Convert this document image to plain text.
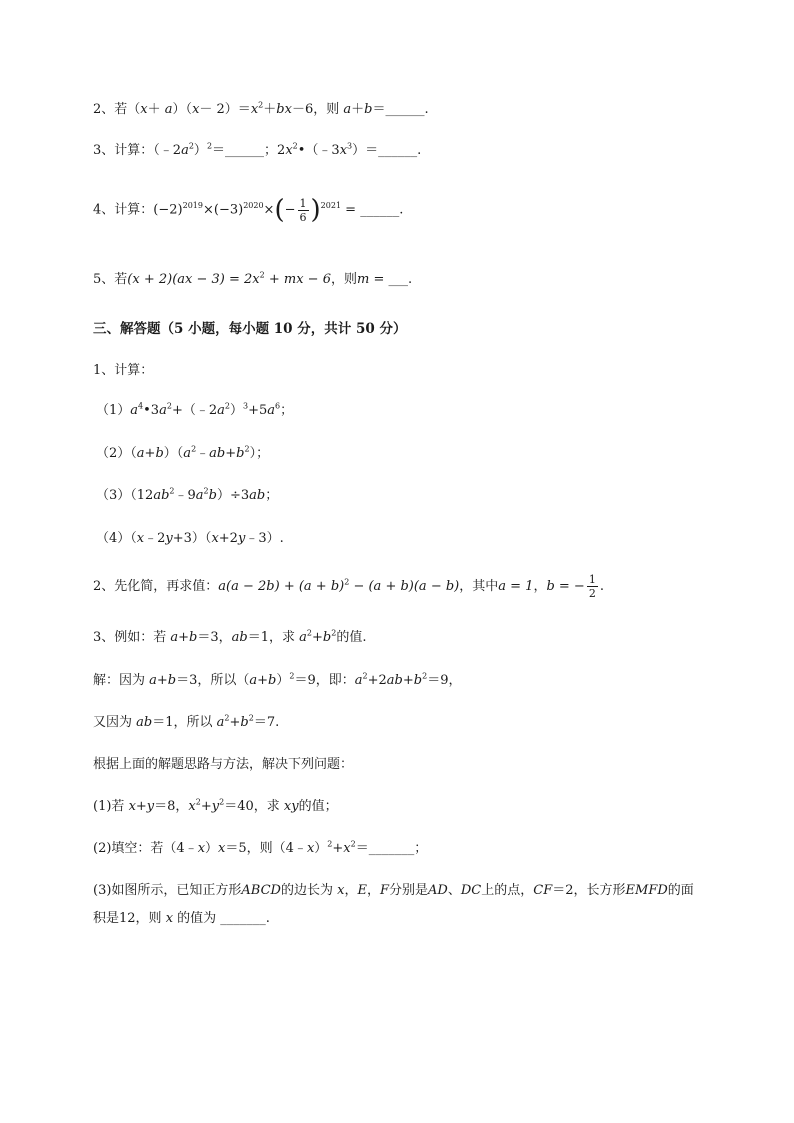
2、若$(x+ a)(x- 2)=x^2+bx-6$，则 a＋b＝______.
3、计算：$(﹣2a^2)^2=\_\_\_\_\_\_$；$2x^2•(﹣3x^3)=\_\_\_\_\_\_$.
4、计算：$(-2)^{2019}\times(-3)^{2020}\times(- \frac{1}{6} )^{2021}$ = ______.
5、若$(x + 2)(ax - 3) = 2x^2$ + mx − 6，则m = ___.
三、解答题（5 小题，每小题 10 分，共计 50 分）
1、计算：
$(1)a^4•3a^2+(﹣2a^2)^3+5a^6$；
$(2)(a+b)(a^2﹣ab+b^2)$；
$(3)(12ab^2﹣9a^2b)\div 3ab$；
（4）（x﹣2y+3）（x+2y﹣3）.
2、先化简，再求值：$a(a - 2b) + (a + b)^2 - (a + b)(a - b)$，其中a = 1，b = − $\frac{1}{2}$ .
3、例如：若 a+b＝3，ab＝1，求 $a^2+b^2$的值.
解：因为 a+b＝3，所以$(a+b)^2=9$，即：$a^2+2ab+b^2=9$，
又因为 ab＝1，所以 $a^2+b^2=7$.
根据上面的解题思路与方法，解决下列问题：
(1)若 x+y＝8，$x^2+y^2=40$，求 xy的值；
(2)填空：若（4﹣x）x＝5，则$(4﹣x)^2+x^2=\_\_\_\_\_\_\_$；
(3)如图所示，已知正方形ABCD的边长为 x，E，F分别是AD、DC上的点，CF＝2，长方形EMFD的面
积是12，则 x 的值为 _______.
